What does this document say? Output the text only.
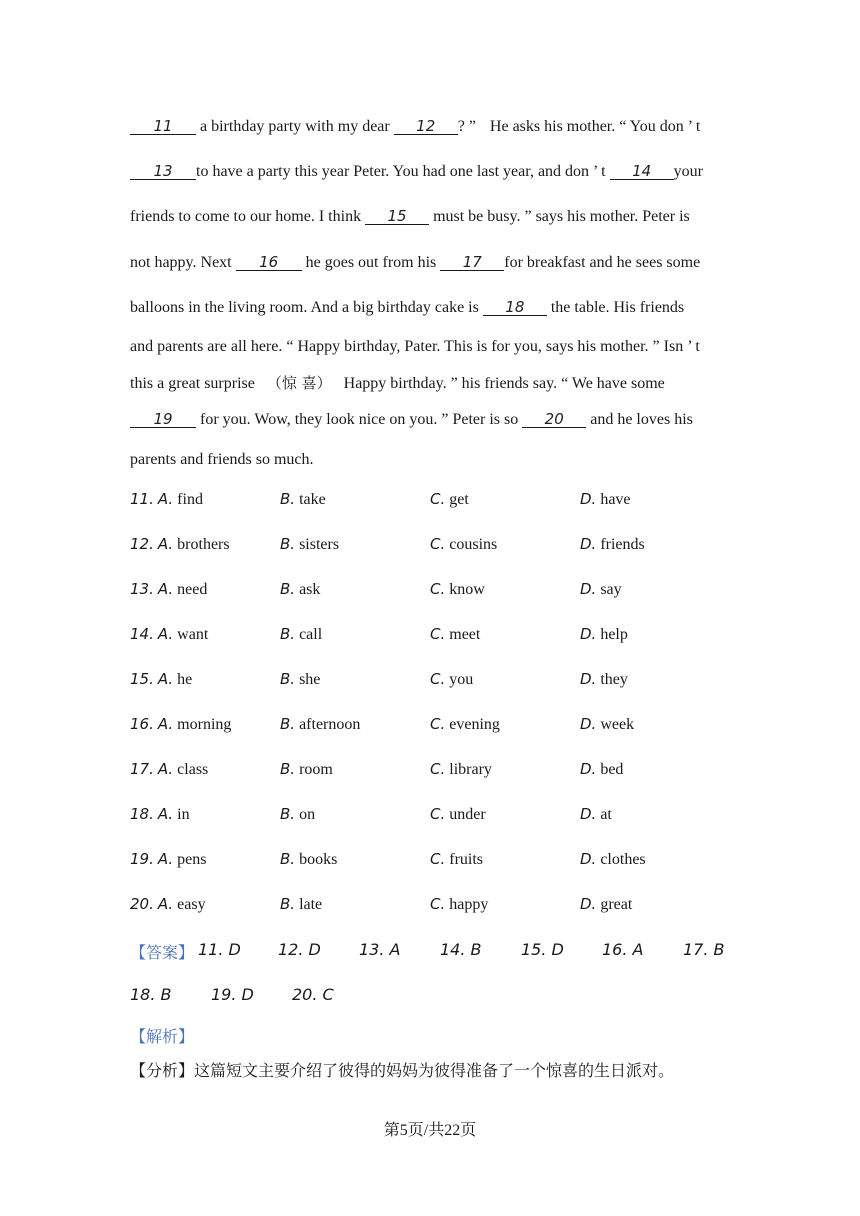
11 a birthday party with my dear 12 ? ” He asks his mother. “ You don ’ t
13 to have a party this year Peter. You had one last year, and don ’ t 14 your
friends to come to our home. I think 15 must be busy. ” says his mother. Peter is
not happy. Next 16 he goes out from his 17 for breakfast and he sees some
balloons in the living room. And a big birthday cake is 18 the table. His friends
and parents are all here. “ Happy birthday, Pater. This is for you, says his mother. ” Isn ’ t
this a great surprise （惊 喜） Happy birthday. ” his friends say. “ We have some
19 for you. Wow, they look nice on you. ” Peter is so 20 and he loves his
parents and friends so much.
11. A. find	B. take	C. get	D. have
12. A. brothers	B. sisters	C. cousins	D. friends
13. A. need	B. ask	C. know	D. say
14. A. want	B. call	C. meet	D. help
15. A. he	B. she	C. you	D. they
16. A. morning	B. afternoon	C. evening	D. week
17. A. class	B. room	C. library	D. bed
18. A. in	B. on	C. under	D. at
19. A. pens	B. books	C. fruits	D. clothes
20. A. easy	B. late	C. happy	D. great
【答案】 11. D 12. D 13. A 14. B 15. D 16. A 17. B
18. B 19. D 20. C
【解析】
【分析】这篇短文主要介绍了彼得的妈妈为彼得准备了一个惊喜的生日派对。
第5页/共22页
